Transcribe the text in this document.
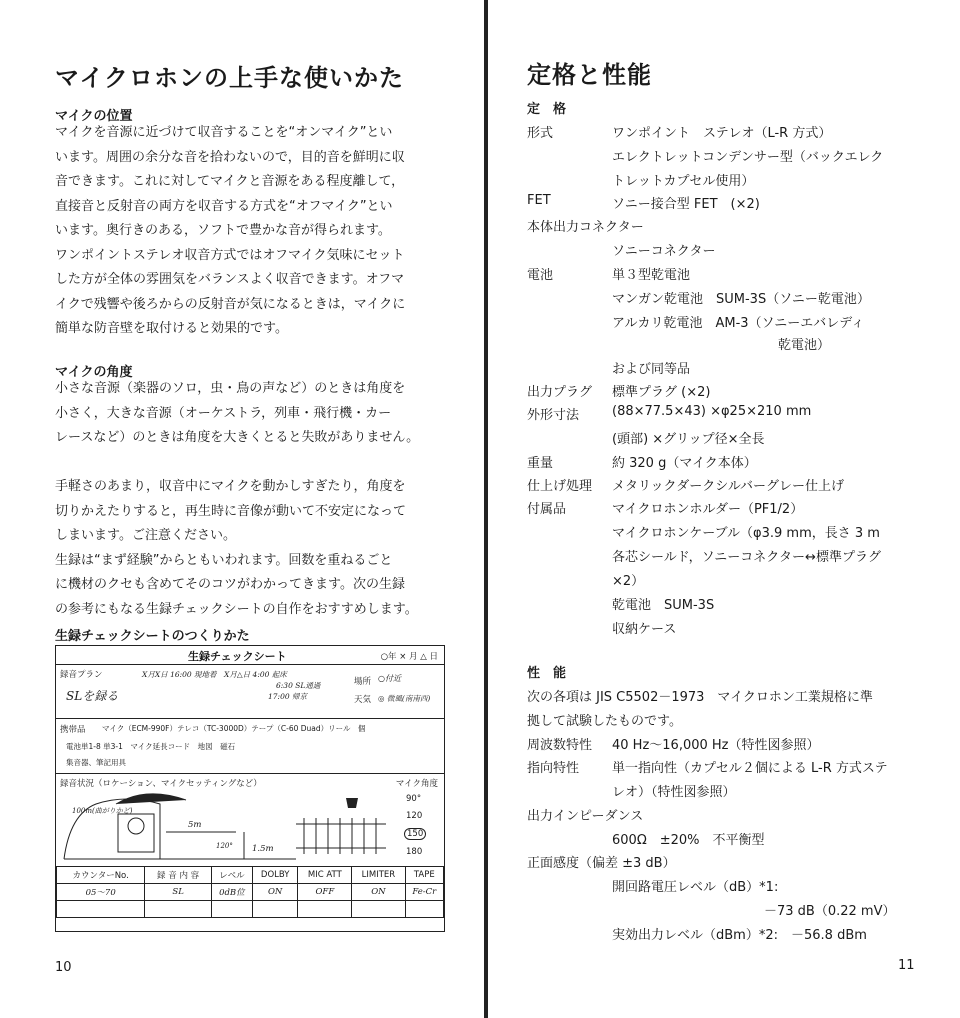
マイクロホンの上手な使いかた
マイクの位置
マイクを音源に近づけて収音することを“オンマイク”とい
います。周囲の余分な音を拾わないので，目的音を鮮明に収
音できます。これに対してマイクと音源をある程度離して，
直接音と反射音の両方を収音する方式を“オフマイク”とい
います。奥行きのある，ソフトで豊かな音が得られます。
ワンポイントステレオ収音方式ではオフマイク気味にセット
した方が全体の雰囲気をバランスよく収音できます。オフマ
イクで残響や後ろからの反射音が気になるときは，マイクに
簡単な防音壁を取付けると効果的です。
マイクの角度
小さな音源（楽器のソロ，虫・鳥の声など）のときは角度を
小さく，大きな音源（オーケストラ，列車・飛行機・カー
レースなど）のときは角度を大きくとると失敗がありません。
手軽さのあまり，収音中にマイクを動かしすぎたり，角度を
切りかえたりすると，再生時に音像が動いて不安定になって
しまいます。ご注意ください。
生録は“まず経験”からともいわれます。回数を重ねるごと
に機材のクセも含めてそのコツがわかってきます。次の生録
の参考にもなる生録チェックシートの自作をおすすめします。
生録チェックシートのつくりかた
10
生録チェックシート	○年 × 月 △ 日
録音プラン
SLを録る
X月X日 16:00 現地着　X月△日 4:00 起床
6:30 SL通過
17:00 帰京
場所 ○付近
天気 ◎ 微風(南南西)
携帯品 マイク（ECM-990F）テレコ（TC-3000D）テープ（C-60 Duad）リール　個
電池単1-8 単3-1　マイク延長コード　地図　磁石
集音器、筆記用具
録音状況（ロケーション、マイクセッティングなど）	マイク角度
90°
120
150
180
100m(曲がりかど)
5m
1.5m
120°
カウンターNo.	録 音 内 容	レベル	DOLBY	MIC ATT	LIMITER	TAPE
05～70	SL	0dB位	ON	OFF	ON	Fe-Cr

定格と性能
定　格
形式	ワンポイント　ステレオ（L-R 方式）
エレクトレットコンデンサー型（バックエレク
トレットカプセル使用）
FET	ソニー接合型 FET　(×2)
本体出力コネクター
ソニーコネクター
電池	単３型乾電池
マンガン乾電池　SUM-3S（ソニー乾電池）
アルカリ乾電池　AM-3（ソニーエバレディ
乾電池）
および同等品
出力プラグ 標準プラグ (×2)
外形寸法	(88×77.5×43) ×φ25×210 mm
(頭部) ×グリップ径×全長
重量	約 320 g（マイク本体）
仕上げ処理 メタリックダークシルバーグレー仕上げ
付属品	マイクロホンホルダー（PF1/2）
マイクロホンケーブル（φ3.9 mm，長さ 3 m
各芯シールド，ソニーコネクター↔標準プラグ
×2）
乾電池　SUM-3S
収納ケース
性　能
次の各項は JIS C5502－1973　マイクロホン工業規格に準
拠して試験したものです。
周波数特性 40 Hz～16,000 Hz（特性図参照）
指向特性	単一指向性（カプセル２個による L-R 方式ステ
レオ）（特性図参照）
出力インピーダンス
600Ω　±20%　不平衡型
正面感度（偏差 ±3 dB）
開回路電圧レベル（dB）*1:
－73 dB（0.22 mV）
実効出力レベル（dBm）*2:　－56.8 dBm
11
